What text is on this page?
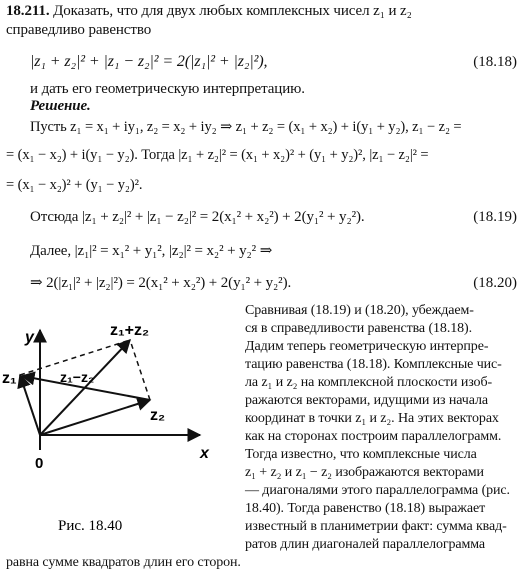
18.211. Доказать, что для двух любых комплексных чисел z₁ и z₂
справедливо равенство
|z₁ + z₂|² + |z₁ − z₂|² = 2(|z₁|² + |z₂|²),	(18.18)
и дать его геометрическую интерпретацию.
Решение.
Пусть z₁ = x₁ + iy₁, z₂ = x₂ + iy₂ ⇒ z₁ + z₂ = (x₁ + x₂) + i(y₁ + y₂), z₁ − z₂ =
= (x₁ − x₂) + i(y₁ − y₂). Тогда |z₁ + z₂|² = (x₁ + x₂)² + (y₁ + y₂)², |z₁ − z₂|² =
= (x₁ − x₂)² + (y₁ − y₂)².
Отсюда |z₁ + z₂|² + |z₁ − z₂|² = 2(x₁² + x₂²) + 2(y₁² + y₂²).	(18.19)
Далее, |z₁|² = x₁² + y₁², |z₂|² = x₂² + y₂² ⇒
⇒ 2(|z₁|² + |z₂|²) = 2(x₁² + x₂²) + 2(y₁² + y₂²).	(18.20)
Сравнивая (18.19) и (18.20), убеждаем-
ся в справедливости равенства (18.18).
Дадим теперь геометрическую интерпре-
тацию равенства (18.18). Комплексные чис-
ла z₁ и z₂ на комплексной плоскости изоб-
ражаются векторами, идущими из начала
координат в точки z₁ и z₂. На этих векторах
как на сторонах построим параллелограмм.
Тогда известно, что комплексные числа
z₁ + z₂ и z₁ − z₂ изображаются векторами
— диагоналями этого параллелограмма (рис.
18.40). Тогда равенство (18.18) выражает
известный в планиметрии факт: сумма квад-
ратов длин диагоналей параллелограмма
равна сумме квадратов длин его сторон.
y
x
0
z₁
z₂
z₁+z₂
z₁−z₂
Рис. 18.40
